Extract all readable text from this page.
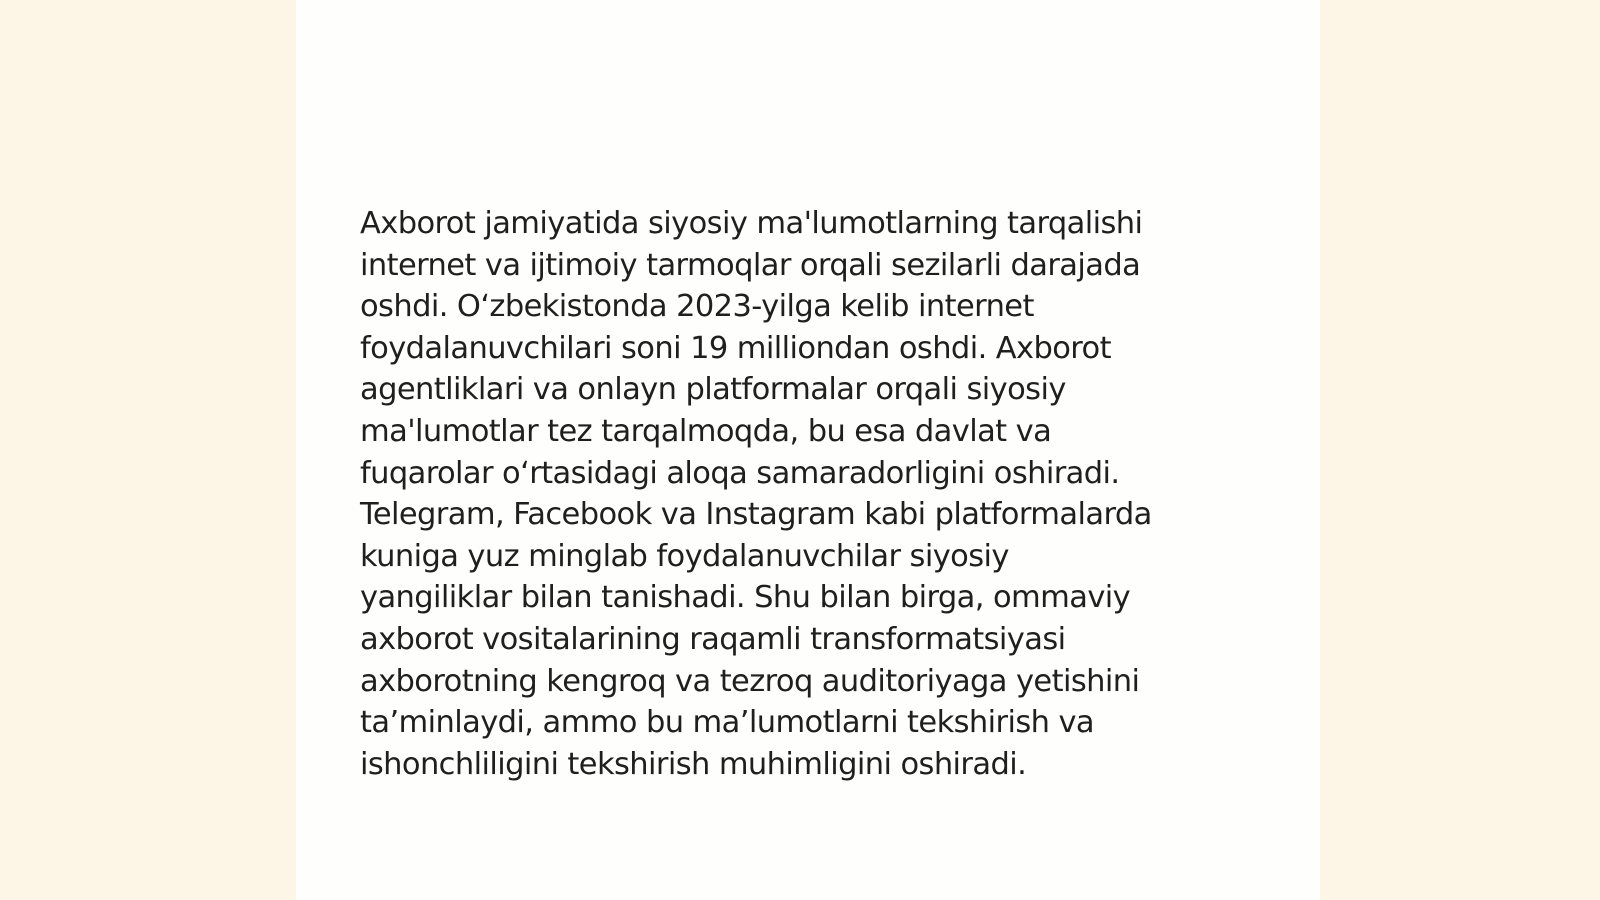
Axborot jamiyatida siyosiy ma'lumotlarning tarqalishi
internet va ijtimoiy tarmoqlar orqali sezilarli darajada
oshdi. O‘zbekistonda 2023-yilga kelib internet
foydalanuvchilari soni 19 milliondan oshdi. Axborot
agentliklari va onlayn platformalar orqali siyosiy
ma'lumotlar tez tarqalmoqda, bu esa davlat va
fuqarolar o‘rtasidagi aloqa samaradorligini oshiradi.
Telegram, Facebook va Instagram kabi platformalarda
kuniga yuz minglab foydalanuvchilar siyosiy
yangiliklar bilan tanishadi. Shu bilan birga, ommaviy
axborot vositalarining raqamli transformatsiyasi
axborotning kengroq va tezroq auditoriyaga yetishini
ta’minlaydi, ammo bu ma’lumotlarni tekshirish va
ishonchliligini tekshirish muhimligini oshiradi.
